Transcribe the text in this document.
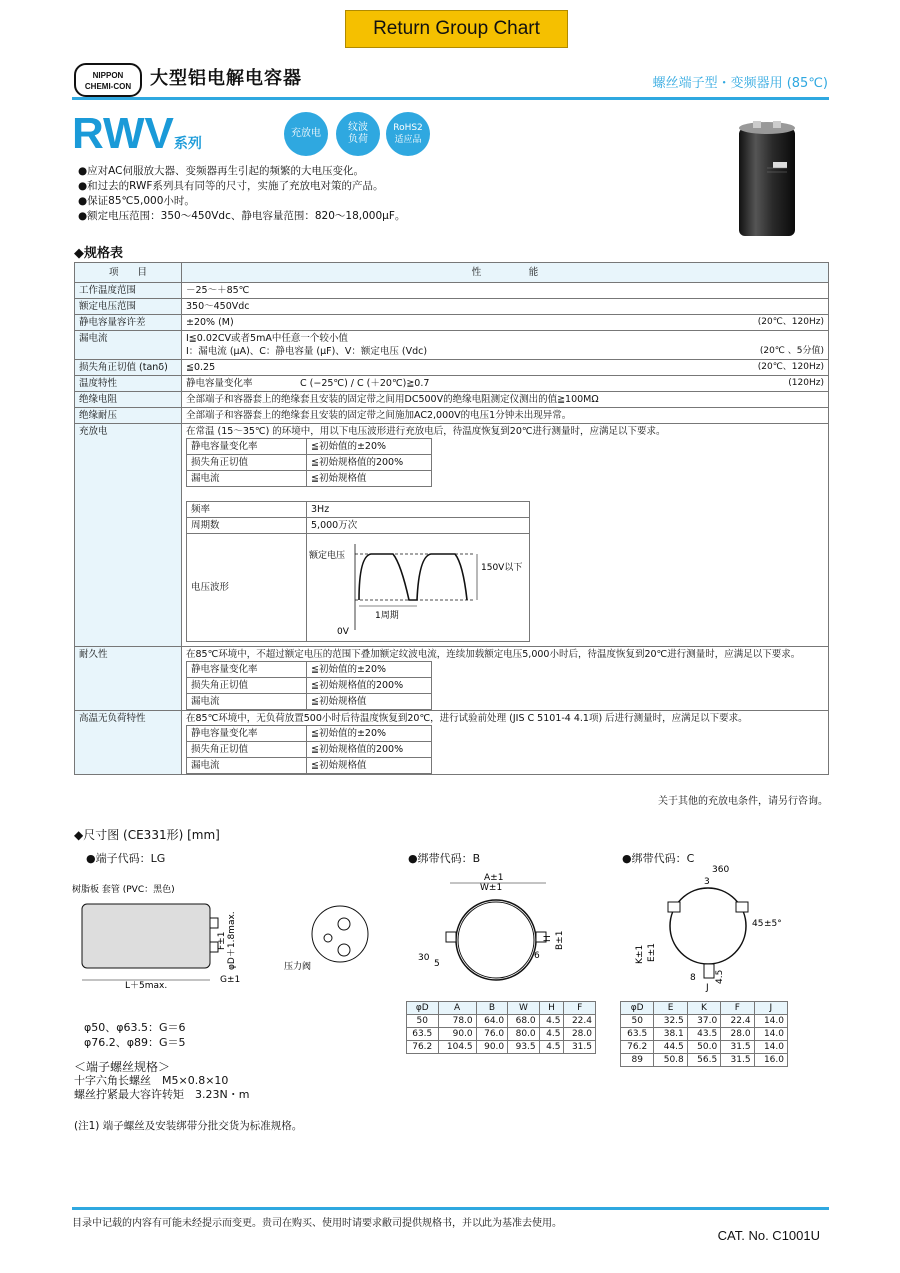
Return Group Chart
NIPPON
CHEMI-CON	大型铝电解电容器	螺丝端子型・变频器用 (85℃)
RWV系列
充放电
纹波
负荷
RoHS2
适应品
●应对AC伺服放大器、变频器再生引起的频繁的大电压变化。
●和过去的RWF系列具有同等的尺寸，实施了充放电对策的产品。
●保证85℃5,000小时。
●额定电压范围：350～450Vdc、静电容量范围：820～18,000μF。
◆规格表
项　　目	性　　　　　能
工作温度范围	－25～＋85℃
额定电压范围	350～450Vdc
静电容量容许差	±20% (M)	(20℃、120Hz)

漏电流	I≦0.02CV或者5mA中任意一个较小值
I：漏电流 (μA)、C：静电容量 (μF)、V：额定电压 (Vdc)	(20℃ 、5分值)

损失角正切值 (tanδ)	≦0.25	(20℃、120Hz)

温度特性	静电容量变化率　　　　　C (−25℃) / C (＋20℃)≧0.7	(120Hz)

绝缘电阻	全部端子和容器套上的绝缘套且安装的固定带之间用DC500V的绝缘电阻测定仪测出的值≧100MΩ
绝缘耐压	全部端子和容器套上的绝缘套且安装的固定带之间施加AC2,000V的电压1分钟未出现异常。
充放电	在常温 (15～35℃) 的环境中，用以下电压波形进行充放电后，待温度恢复到20℃进行测量时，应满足以下要求。
静电容量变化率	≦初始值的±20%
损失角正切值	≦初始规格值的200%
漏电流	≦初始规格值
频率	3Hz
周期数	5,000万次
电压波形	
额定电压
150V以下
0V
1周期

耐久性	在85℃环境中，不超过额定电压的范围下叠加额定纹波电流，连续加载额定电压5,000小时后，待温度恢复到20℃进行测量时，应满足以下要求。
静电容量变化率	≦初始值的±20%
损失角正切值	≦初始规格值的200%
漏电流	≦初始规格值

高温无负荷特性	在85℃环境中，无负荷放置500小时后待温度恢复到20℃，进行试验前处理 (JIS C 5101-4 4.1项) 后进行测量时，应满足以下要求。
静电容量变化率	≦初始值的±20%
损失角正切值	≦初始规格值的200%
漏电流	≦初始规格值
关于其他的充放电条件，请另行咨询。
◆尺寸图 (CE331形) [mm]
●端子代码：LG	●绑带代码：B	●绑带代码：C
树脂板 套管 (PVC：黑色)
L＋5max.
G±1
φD＋1.8max.
F±1
压力阀
A±1
W±1
H B±1
30
5
6
360
3
45 ±5°
K±1 E±1
8 4.5
J
φD	A	B	W	H	F
50	78.0	64.0	68.0	4.5	22.4
63.5	90.0	76.0	80.0	4.5	28.0
76.2	104.5	90.0	93.5	4.5	31.5
φD	E	K	F	J
50	32.5	37.0	22.4	14.0
63.5	38.1	43.5	28.0	14.0
76.2	44.5	50.0	31.5	14.0
89	50.8	56.5	31.5	16.0
φ50、φ63.5：G＝6
φ76.2、φ89：G＝5
＜端子螺丝规格＞
十字六角长螺丝　M5×0.8×10
螺丝拧紧最大容许转矩　3.23N・m
(注1) 端子螺丝及安装绑带分批交货为标准规格。
目录中记载的内容有可能未经提示而变更。贵司在购买、使用时请要求敝司提供规格书，并以此为基准去使用。
CAT. No. C1001U
